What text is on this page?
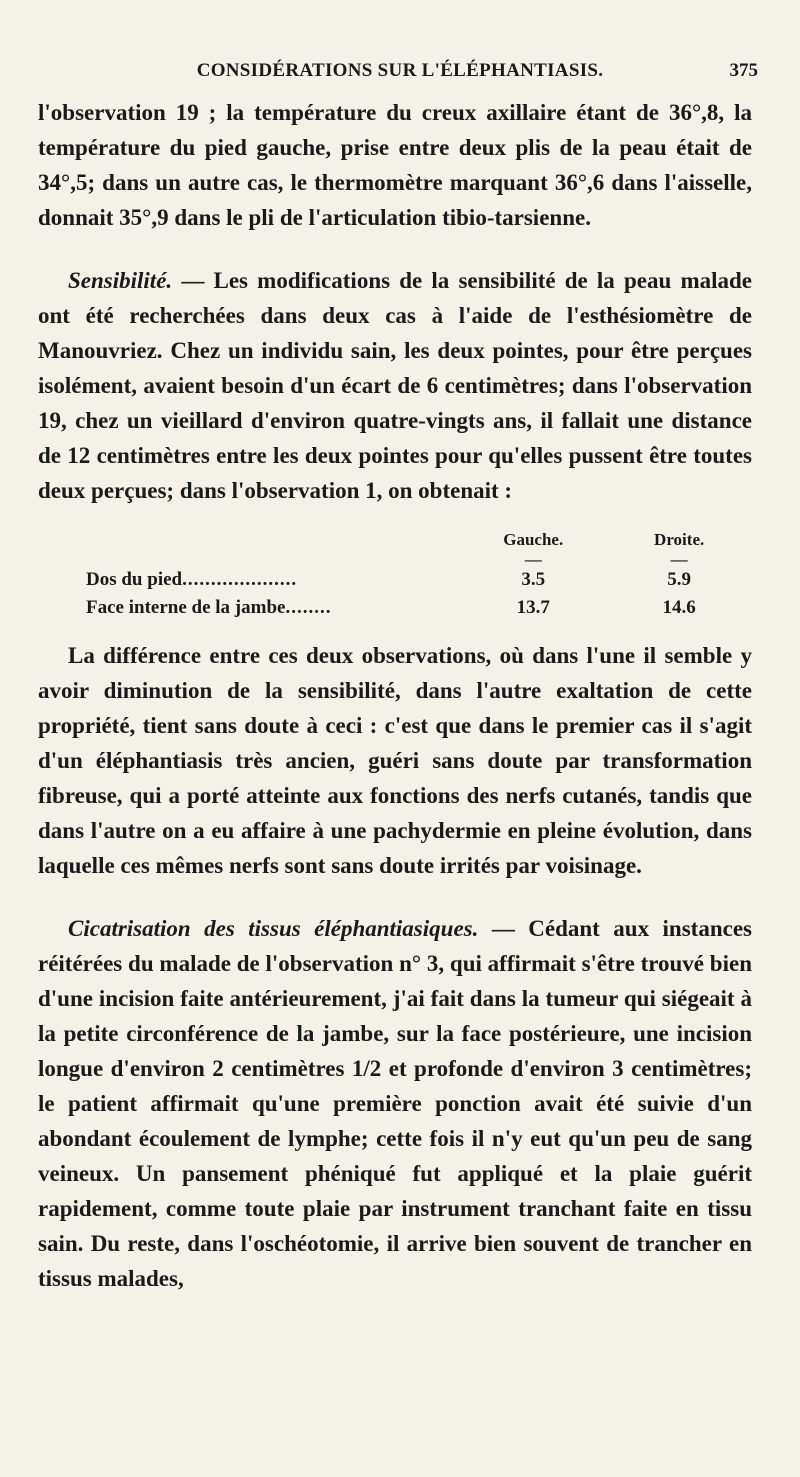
CONSIDÉRATIONS SUR L'ÉLÉPHANTIASIS.	375

l'observation 19 ; la température du creux axillaire étant de 36°,8, la température du pied gauche, prise entre deux plis de la peau était de 34°,5; dans un autre cas, le thermomètre marquant 36°,6 dans l'aisselle, donnait 35°,9 dans le pli de l'articulation tibio-tarsienne.

Sensibilité. — Les modifications de la sensibilité de la peau malade ont été recherchées dans deux cas à l'aide de l'esthésiomètre de Manouvriez. Chez un individu sain, les deux pointes, pour être perçues isolément, avaient besoin d'un écart de 6 centimètres; dans l'observation 19, chez un vieillard d'environ quatre-vingts ans, il fallait une distance de 12 centimètres entre les deux pointes pour qu'elles pussent être toutes deux perçues; dans l'observation 1, on obtenait :

	Gauche.	Droite.
	—	—
Dos du pied....................	3.5	5.9
Face interne de la jambe........	13.7	14.6

La différence entre ces deux observations, où dans l'une il semble y avoir diminution de la sensibilité, dans l'autre exaltation de cette propriété, tient sans doute à ceci : c'est que dans le premier cas il s'agit d'un éléphantiasis très ancien, guéri sans doute par transformation fibreuse, qui a porté atteinte aux fonctions des nerfs cutanés, tandis que dans l'autre on a eu affaire à une pachydermie en pleine évolution, dans laquelle ces mêmes nerfs sont sans doute irrités par voisinage.

Cicatrisation des tissus éléphantiasiques. — Cédant aux instances réitérées du malade de l'observation n° 3, qui affirmait s'être trouvé bien d'une incision faite antérieurement, j'ai fait dans la tumeur qui siégeait à la petite circonférence de la jambe, sur la face postérieure, une incision longue d'environ 2 centimètres 1/2 et profonde d'environ 3 centimètres; le patient affirmait qu'une première ponction avait été suivie d'un abondant écoulement de lymphe; cette fois il n'y eut qu'un peu de sang veineux. Un pansement phéniqué fut appliqué et la plaie guérit rapidement, comme toute plaie par instrument tranchant faite en tissu sain. Du reste, dans l'oschéotomie, il arrive bien souvent de trancher en tissus malades,
